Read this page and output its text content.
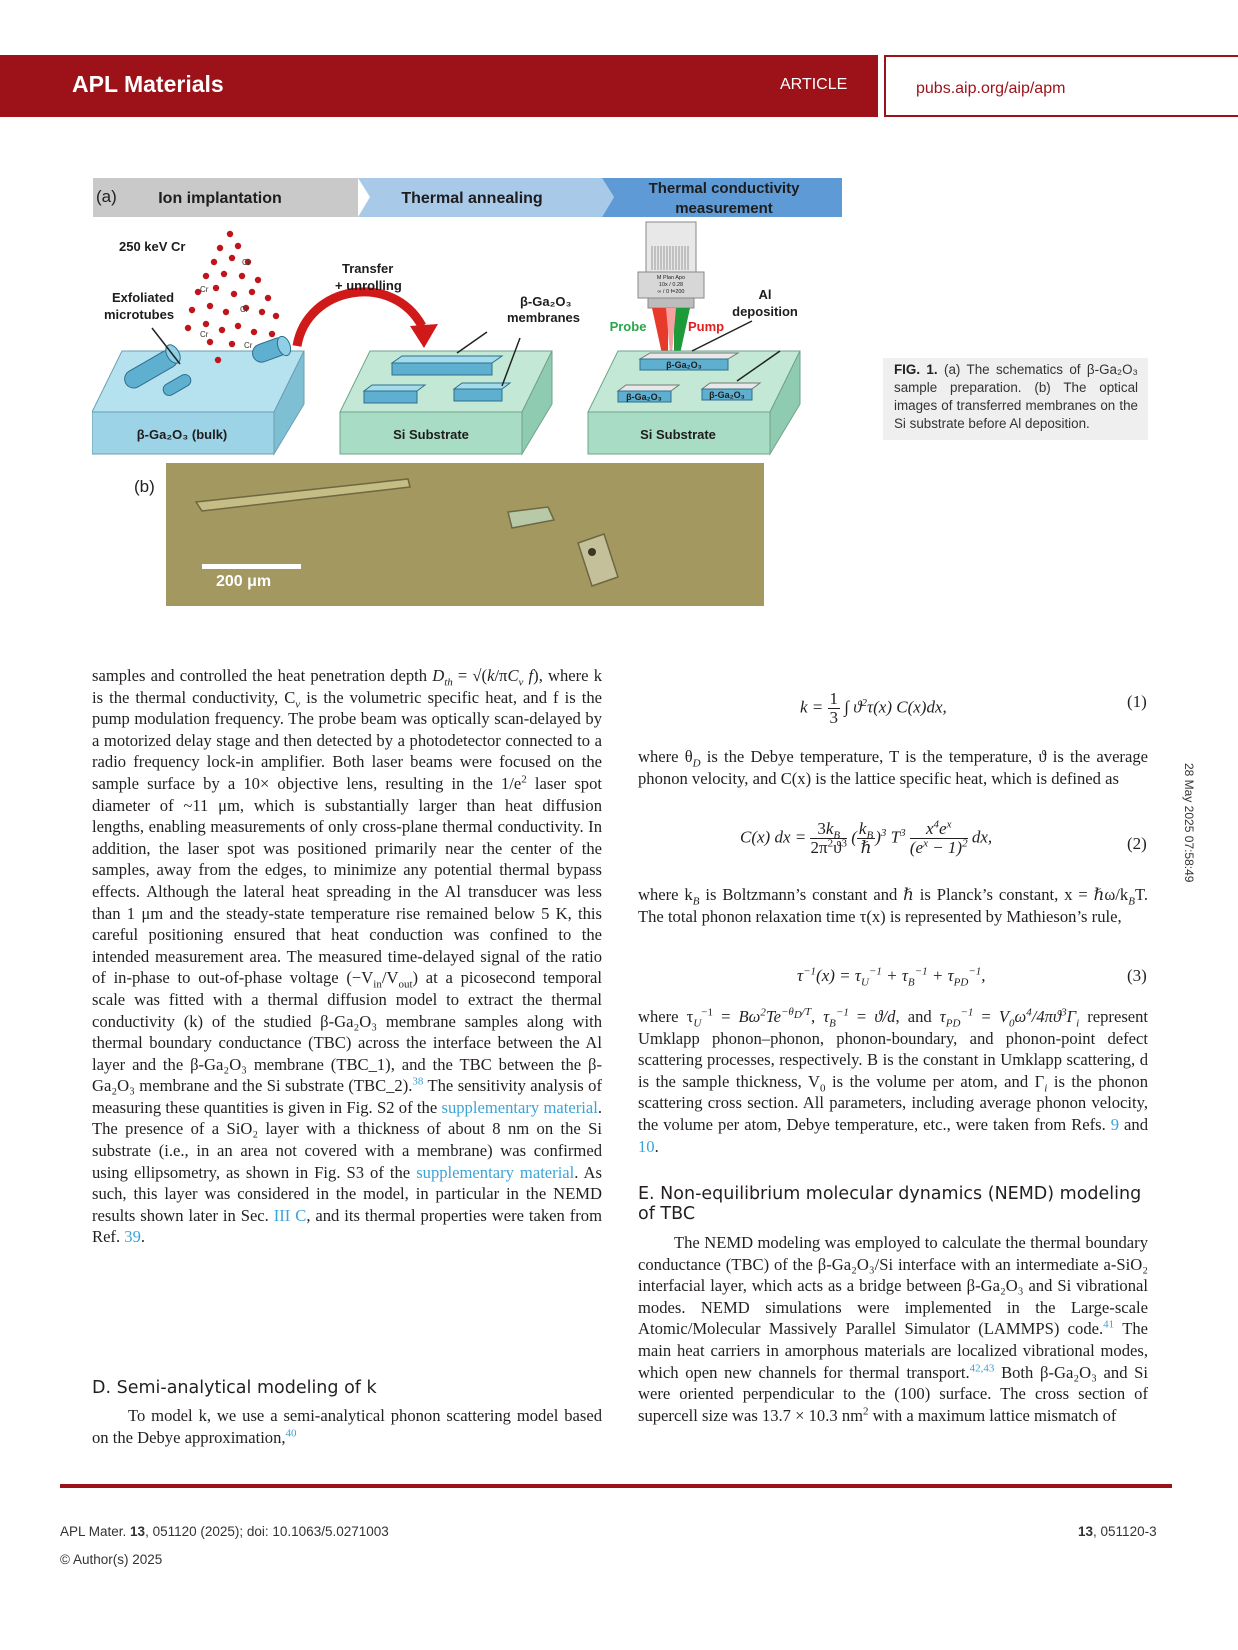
APL Materials	ARTICLE	pubs.aip.org/aip/apm
28 May 2025 07:58:49
(a)	Ion implantation	Thermal annealing
Thermal conductivity
measurement
β-Ga₂O₃ (bulk)
Exfoliated
microtubes
250 keV Cr
Cr
Cr
Cr
Cr
Cr
Transfer
+ unrolling
Si Substrate
β-Ga₂O₃
membranes
M Plan Apo
10x / 0.28
∞ / 0 f=200
Probe	Pump
Al
deposition
Si Substrate
β-Ga₂O₃
β-Ga₂O₃	β-Ga₂O₃
(b)
200 μm
FIG. 1. (a) The schematics of β-Ga₂O₃ sample preparation. (b) The optical images of transferred membranes on the Si substrate before Al deposition.

samples and controlled the heat penetration depth $D_{th} = √(k/\pi C_v$ f), where k is the thermal conductivity, $C_v$ is the volumetric specific heat, and f is the pump modulation frequency. The probe beam was optically scan-delayed by a motorized delay stage and then detected by a photodetector connected to a radio frequency lock-in amplifier. Both laser beams were focused on the sample surface by a 10× objective lens, resulting in the $1/e^2$ laser spot diameter of ~11 μm, which is substantially larger than heat diffusion lengths, enabling measurements of only cross-plane thermal conductivity. In addition, the laser spot was positioned primarily near the center of the samples, away from the edges, to minimize any potential thermal bypass effects. Although the lateral heat spreading in the Al transducer was less than 1 μm and the steady-state temperature rise remained below 5 K, this careful positioning ensured that heat conduction was confined to the intended measurement area. The measured time-delayed signal of the ratio of in-phase to out-of-phase voltage $(-V_{in}/V_{out})$ at a picosecond temporal scale was fitted with a thermal diffusion model to extract the thermal conductivity (k) of the studied β-Ga₂O₃ membrane samples along with thermal boundary conductance (TBC) across the interface between the Al layer and the β-Ga₂O₃ membrane (TBC_1), and the TBC between the β-Ga₂O₃ membrane and the Si substrate (TBC_2).$^{38}$ The sensitivity analysis of measuring these quantities is given in Fig. S2 of the supplementary material. The presence of a SiO₂ layer with a thickness of about 8 nm on the Si substrate (i.e., in an area not covered with a membrane) was confirmed using ellipsometry, as shown in Fig. S3 of the supplementary material. As such, this layer was considered in the model, in particular in the NEMD results shown later in Sec. III C, and its thermal properties were taken from Ref. 39.

D. Semi-analytical modeling of k
To model k, we use a semi-analytical phonon scattering model based on the Debye approximation,$^{40}$
$k = \frac{1}{3}$ ∫ $ϑ^2\tau(x)$ C(x)dx,	(1)
where $\theta_D$ is the Debye temperature, T is the temperature, ϑ is the average phonon velocity, and C(x) is the lattice specific heat, which is defined as
C(x) dx = $\frac{3k_B}{2\pi^2ϑ^3}$ ( $\frac{k_B}{\text{ℏ}} )^3$ $T^3 \frac{x^4e^x}{(e^x - 1)^2}$ dx,	(2)
where $k_B$ is Boltzmann’s constant and ℏ is Planck’s constant, $x = \hbar\omega/k_BT$. The total phonon relaxation time τ(x) is represented by Mathieson’s rule,
$\tau^{-1}(x) = \tau_U^{-1} + \tau_B^{-1} + \tau_{PD}^{-1}$,	(3)
where $\tau_U^{-1} = B\omega^2Te^{-\theta_D/T}$, $\tau_B^{-1} = ϑ/d$, and $\tau_{PD}^{-1} = V_0\omega^4/4\pi ϑ^3\Gamma_i$ represent Umklapp phonon–phonon, phonon-boundary, and phonon-point defect scattering processes, respectively. B is the constant in Umklapp scattering, d is the sample thickness, $V_0$ is the volume per atom, and $\Gamma_i$ is the phonon scattering cross section. All parameters, including average phonon velocity, the volume per atom, Debye temperature, etc., were taken from Refs. 9 and 10.
E. Non-equilibrium molecular dynamics (NEMD) modeling of TBC
The NEMD modeling was employed to calculate the thermal boundary conductance (TBC) of the β-Ga₂O₃/Si interface with an intermediate a-SiO₂ interfacial layer, which acts as a bridge between β-Ga₂O₃ and Si vibrational modes. NEMD simulations were implemented in the Large-scale Atomic/Molecular Massively Parallel Simulator (LAMMPS) code.$^{41}$ The main heat carriers in amorphous materials are localized vibrational modes, which open new channels for thermal transport.$^{42,43}$ Both β-Ga₂O₃ and Si were oriented perpendicular to the (100) surface. The cross section of supercell size was 13.7 × 10.3 $nm^2$ with a maximum lattice mismatch of
APL Mater. 13, 051120 (2025); doi: 10.1063/5.0271003
© Author(s) 2025
13, 051120-3
